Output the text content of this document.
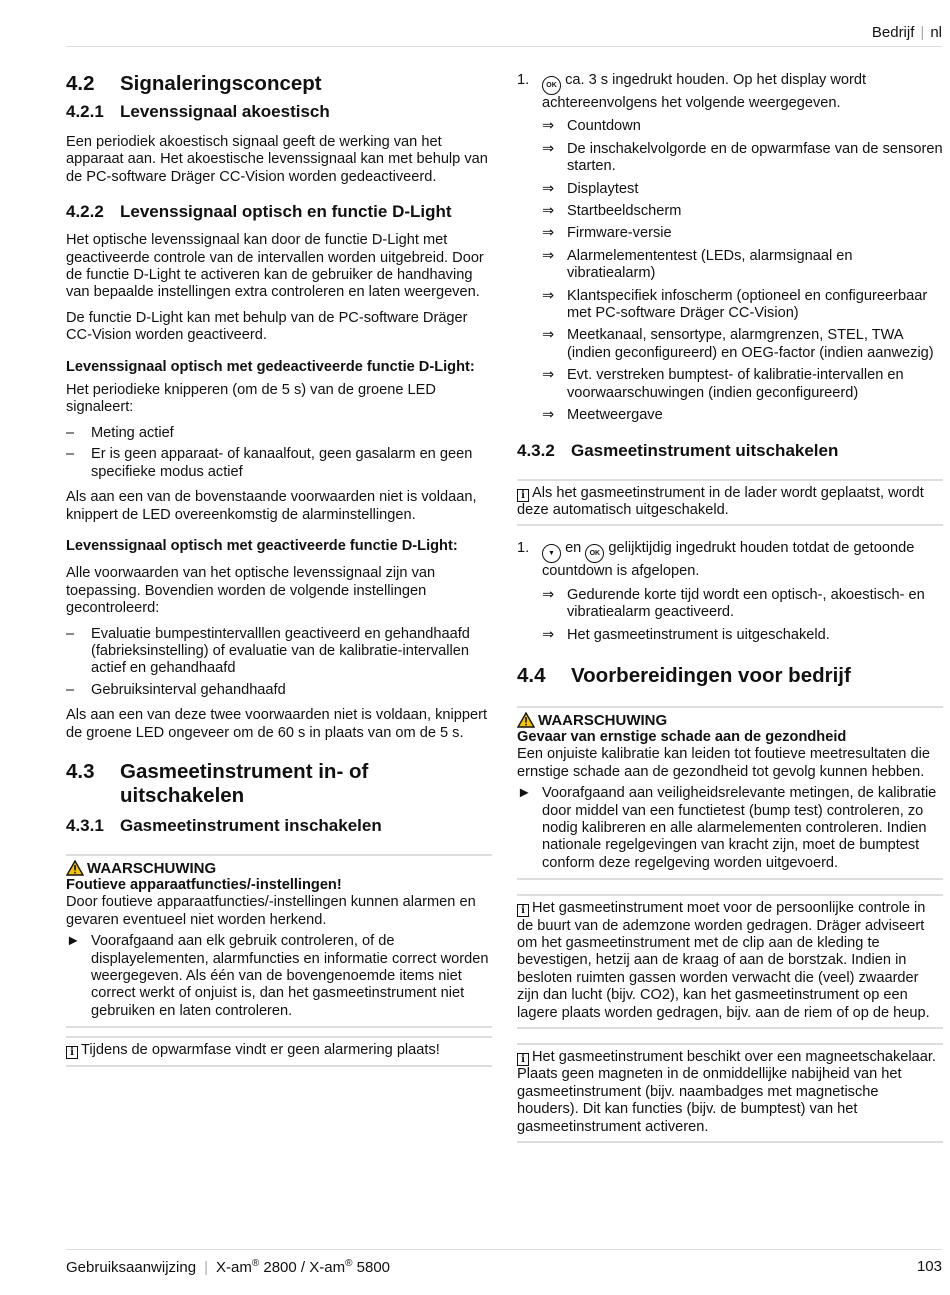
Bedrijf | nl
4.2	Signaleringsconcept
4.2.1 Levenssignaal akoestisch

Een periodiek akoestisch signaal geeft de werking van het apparaat aan. Het akoestische levenssignaal kan met behulp van de PC-software Dräger CC-Vision worden gedeactiveerd.

4.2.2 Levenssignaal optisch en functie D-Light

Het optische levenssignaal kan door de functie D-Light met geactiveerde controle van de intervallen worden uitgebreid. Door de functie D-Light te activeren kan de gebruiker de handhaving van bepaalde instellingen extra controleren en laten weergeven.

De functie D-Light kan met behulp van de PC-software Dräger CC-Vision worden geactiveerd.

Levenssignaal optisch met gedeactiveerde functie D-Light:

Het periodieke knipperen (om de 5 s) van de groene LED signaleert:

–	Meting actief
–	Er is geen apparaat- of kanaalfout, geen gasalarm en geen specifieke modus actief

Als aan een van de bovenstaande voorwaarden niet is voldaan, knippert de LED overeenkomstig de alarminstellingen.

Levenssignaal optisch met geactiveerde functie D-Light:

Alle voorwaarden van het optische levenssignaal zijn van toepassing. Bovendien worden de volgende instellingen gecontroleerd:

–	Evaluatie bumpestintervalllen geactiveerd en gehandhaafd (fabrieksinstelling) of evaluatie van de kalibratie-intervallen actief en gehandhaafd
–	Gebruiksinterval gehandhaafd

Als aan een van deze twee voorwaarden niet is voldaan, knippert de groene LED ongeveer om de 60 s in plaats van om de 5 s.

4.3	Gasmeetinstrument in- of uitschakelen
4.3.1 Gasmeetinstrument inschakelen
WAARSCHUWING
Foutieve apparaatfuncties/-instellingen!

Door foutieve apparaatfuncties/-instellingen kunnen alarmen en gevaren eventueel niet worden herkend.

► Voorafgaand aan elk gebruik controleren, of de displayelementen, alarmfuncties en informatie correct worden weergegeven. Als één van de bovengenoemde items niet correct werkt of onjuist is, dan het gasmeetinstrument niet gebruiken en laten controleren.
i Tijdens de opwarmfase vindt er geen alarmering plaats!
1.	OK ca. 3 s ingedrukt houden. Op het display wordt achtereenvolgens het volgende weergegeven.
⇒ Countdown
⇒ De inschakelvolgorde en de opwarmfase van de sensoren starten.
⇒ Displaytest
⇒ Startbeeldscherm
⇒ Firmware-versie
⇒ Alarmelemententest (LEDs, alarmsignaal en vibratiealarm)
⇒ Klantspecifiek infoscherm (optioneel en configureerbaar met PC-software Dräger CC-Vision)
⇒ Meetkanaal, sensortype, alarmgrenzen, STEL, TWA (indien geconfigureerd) en OEG-factor (indien aanwezig)
⇒ Evt. verstreken bumptest- of kalibratie-intervallen en voorwaarschuwingen (indien geconfigureerd)
⇒ Meetweergave
4.3.2 Gasmeetinstrument uitschakelen
i Als het gasmeetinstrument in de lader wordt geplaatst, wordt deze automatisch uitgeschakeld.
1.	▼ en OK gelijktijdig ingedrukt houden totdat de getoonde countdown is afgelopen.
⇒ Gedurende korte tijd wordt een optisch-, akoestisch- en vibratiealarm geactiveerd.
⇒ Het gasmeetinstrument is uitgeschakeld.
4.4	Voorbereidingen voor bedrijf
WAARSCHUWING
Gevaar van ernstige schade aan de gezondheid

Een onjuiste kalibratie kan leiden tot foutieve meetresultaten die ernstige schade aan de gezondheid tot gevolg kunnen hebben.

► Voorafgaand aan veiligheidsrelevante metingen, de kalibratie door middel van een functietest (bump test) controleren, zo nodig kalibreren en alle alarmelementen controleren. Indien nationale regelgevingen van kracht zijn, moet de bumptest conform deze regelgeving worden uitgevoerd.
i Het gasmeetinstrument moet voor de persoonlijke controle in de buurt van de ademzone worden gedragen. Dräger adviseert om het gasmeetinstrument met de clip aan de kleding te bevestigen, hetzij aan de kraag of aan de borstzak. Indien in besloten ruimten gassen worden verwacht die (veel) zwaarder zijn dan lucht (bijv. CO2), kan het gasmeetinstrument op een lagere plaats worden gedragen, bijv. aan de riem of op de heup.
i Het gasmeetinstrument beschikt over een magneetschakelaar. Plaats geen magneten in de onmiddellijke nabijheid van het gasmeetinstrument (bijv. naambadges met magnetische houders). Dit kan functies (bijv. de bumptest) van het gasmeetinstrument activeren.
Gebruiksaanwijzing | X-am® 2800 / X-am® 5800	103
